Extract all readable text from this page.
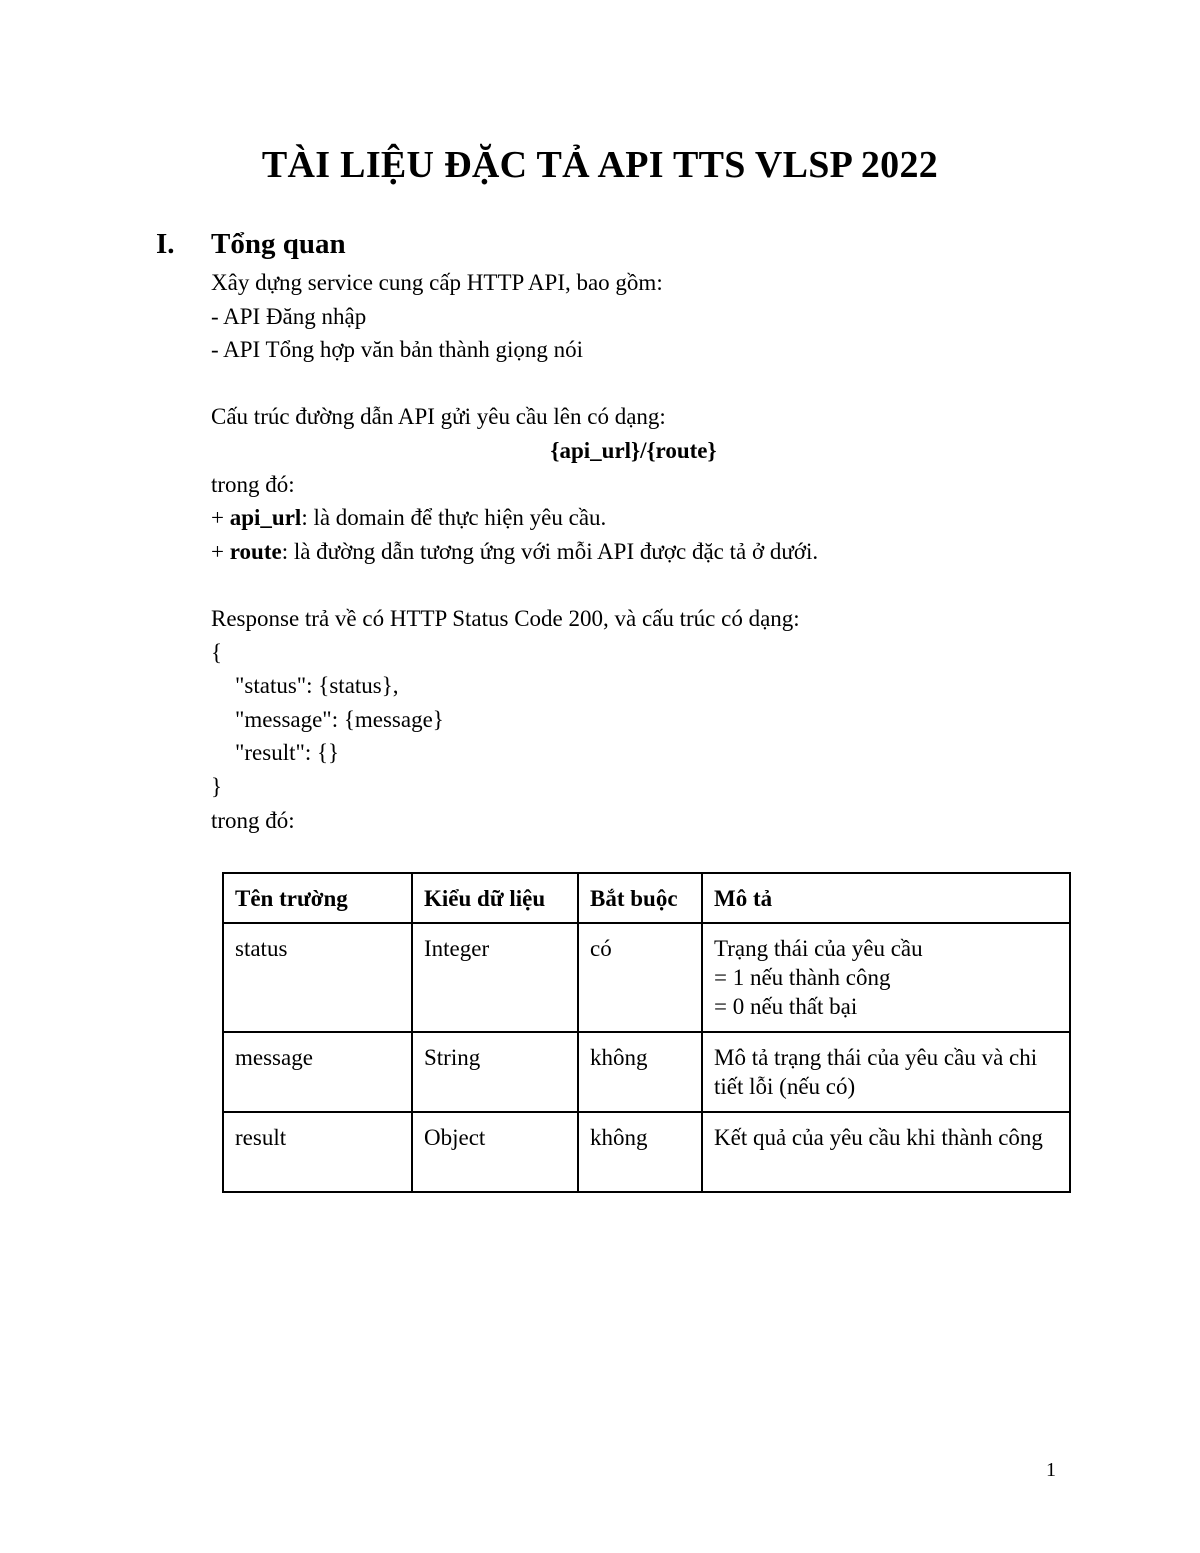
TÀI LIỆU ĐẶC TẢ API TTS VLSP 2022
I. Tổng quan
Xây dựng service cung cấp HTTP API, bao gồm:
- API Đăng nhập
- API Tổng hợp văn bản thành giọng nói
Cấu trúc đường dẫn API gửi yêu cầu lên có dạng:
{api_url}/{route}
trong đó:
+ api_url: là domain để thực hiện yêu cầu.
+ route: là đường dẫn tương ứng với mỗi API được đặc tả ở dưới.
Response trả về có HTTP Status Code 200, và cấu trúc có dạng:
{
"status": {status},
"message": {message}
"result": {}
}
trong đó:
Tên trường	Kiểu dữ liệu	Bắt buộc	Mô tả
status	Integer	có	Trạng thái của yêu cầu
= 1 nếu thành công
= 0 nếu thất bại

message	String	không	Mô tả trạng thái của yêu cầu và chi tiết lỗi (nếu có)
result	Object	không	Kết quả của yêu cầu khi thành công
1
